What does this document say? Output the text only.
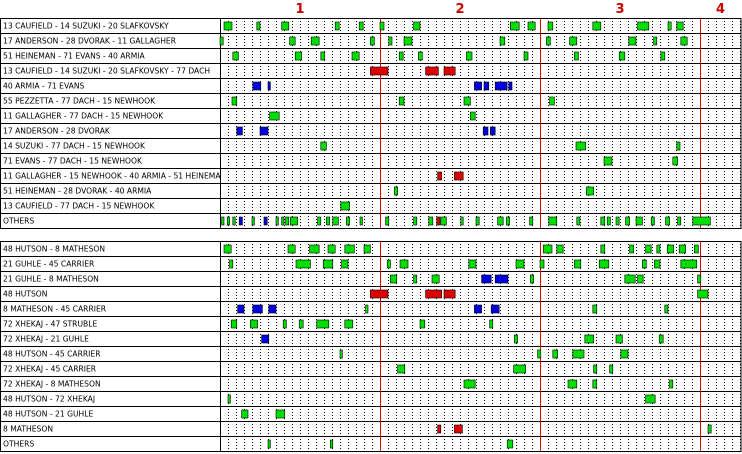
13 CAUFIELD - 14 SUZUKI - 20 SLAFKOVSKY
17 ANDERSON - 28 DVORAK - 11 GALLAGHER
51 HEINEMAN - 71 EVANS - 40 ARMIA
13 CAUFIELD - 14 SUZUKI - 20 SLAFKOVSKY - 77 DACH
40 ARMIA - 71 EVANS
55 PEZZETTA - 77 DACH - 15 NEWHOOK
11 GALLAGHER - 77 DACH - 15 NEWHOOK
17 ANDERSON - 28 DVORAK
14 SUZUKI - 77 DACH - 15 NEWHOOK
71 EVANS - 77 DACH - 15 NEWHOOK
11 GALLAGHER - 15 NEWHOOK - 40 ARMIA - 51 HEINEMA
51 HEINEMAN - 28 DVORAK - 40 ARMIA
13 CAUFIELD - 77 DACH - 15 NEWHOOK
OTHERS
48 HUTSON - 8 MATHESON
21 GUHLE - 45 CARRIER
21 GUHLE - 8 MATHESON
48 HUTSON
8 MATHESON - 45 CARRIER
72 XHEKAJ - 47 STRUBLE
72 XHEKAJ - 21 GUHLE
48 HUTSON - 45 CARRIER
72 XHEKAJ - 45 CARRIER
72 XHEKAJ - 8 MATHESON
48 HUTSON - 72 XHEKAJ
48 HUTSON - 21 GUHLE
8 MATHESON
OTHERS
1	2	3	4
